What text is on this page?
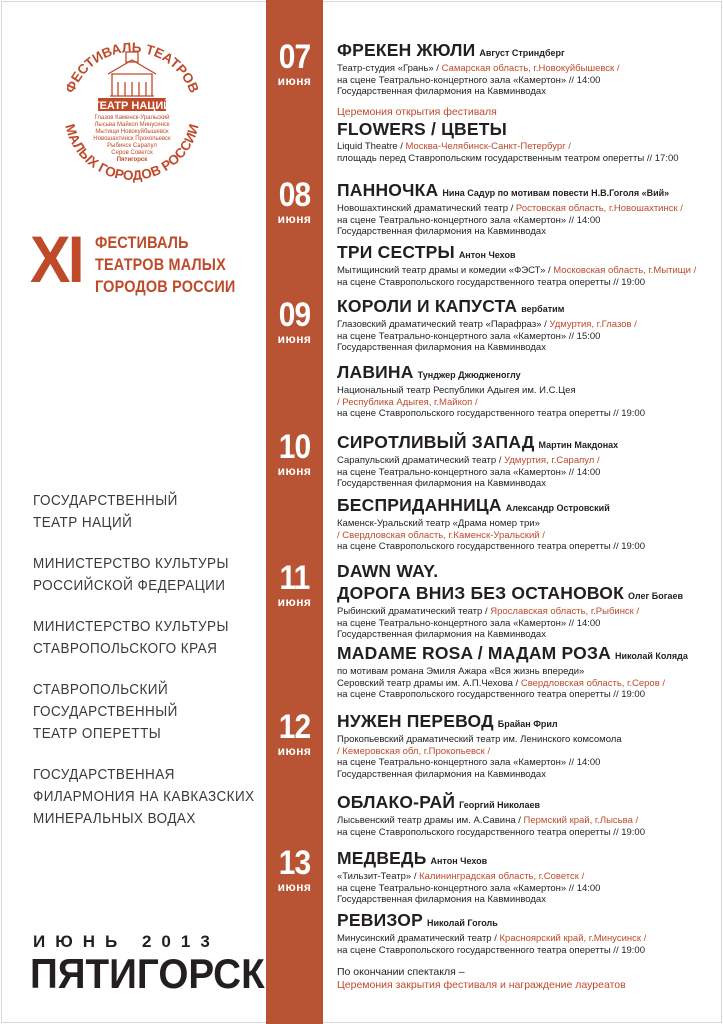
ФЕСТИВАЛЬ ТЕАТРОВ
МАЛЫХ ГОРОДОВ РОССИИ
ТЕАТР НАЦИЙ
Глазов Каменск-Уральский
Лысьва Майкоп Минусинск
Мытищи Новокуйбышевск
Новошахтинск Прокопьевск
Рыбинск Сарапул
Серов Советск
Пятигорск
XI ФЕСТИВАЛЬ
ТЕАТРОВ МАЛЫХ
ГОРОДОВ РОССИИ
ГОСУДАРСТВЕННЫЙ
ТЕАТР НАЦИЙ
МИНИСТЕРСТВО КУЛЬТУРЫ
РОССИЙСКОЙ ФЕДЕРАЦИИ
МИНИСТЕРСТВО КУЛЬТУРЫ
СТАВРОПОЛЬСКОГО КРАЯ
СТАВРОПОЛЬСКИЙ
ГОСУДАРСТВЕННЫЙ
ТЕАТР ОПЕРЕТТЫ
ГОСУДАРСТВЕННАЯ
ФИЛАРМОНИЯ НА КАВКАЗСКИХ
МИНЕРАЛЬНЫХ ВОДАХ
ИЮНЬ 2013
ПЯТИГОРСК
07
июня
08
июня
09
июня
10
июня
11
июня
12
июня
13
июня
ФРЕКЕН ЖЮЛИ Август Стриндберг
Театр-студия «Грань» / Самарская область, г.Новокуйбышевск /
на сцене Театрально-концертного зала «Камертон» // 14:00
Государственная филармония на Кавминводах
Церемония открытия фестиваля
FLOWERS / ЦВЕТЫ
Liquid Theatre / Москва-Челябинск-Санкт-Петербург /
площадь перед Ставропольским государственным театром оперетты // 17:00
ПАННОЧКА Нина Садур по мотивам повести Н.В.Гоголя «Вий»
Новошахтинский драматический театр / Ростовская область, г.Новошахтинск /
на сцене Театрально-концертного зала «Камертон» // 14:00
Государственная филармония на Кавминводах
ТРИ СЕСТРЫ Антон Чехов
Мытищинский театр драмы и комедии «ФЭСТ» / Московская область, г.Мытищи /
на сцене Ставропольского государственного театра оперетты // 19:00
КОРОЛИ И КАПУСТА вербатим
Глазовский драматический театр «Парафраз» / Удмуртия, г.Глазов /
на сцене Театрально-концертного зала «Камертон» // 15:00
Государственная филармония на Кавминводах
ЛАВИНА Тунджер Джюдженоглу
Национальный театр Республики Адыгея им. И.С.Цея
/ Республика Адыгея, г.Майкоп /
на сцене Ставропольского государственного театра оперетты // 19:00
СИРОТЛИВЫЙ ЗАПАД Мартин Макдонах
Сарапульский драматический театр / Удмуртия, г.Сарапул /
на сцене Театрально-концертного зала «Камертон» // 14:00
Государственная филармония на Кавминводах
БЕСПРИДАННИЦА Александр Островский
Каменск-Уральский театр «Драма номер три»
/ Свердловская область, г.Каменск-Уральский /
на сцене Ставропольского государственного театра оперетты // 19:00
DAWN WAY.
ДОРОГА ВНИЗ БЕЗ ОСТАНОВОК Олег Богаев
Рыбинский драматический театр / Ярославская область, г.Рыбинск /
на сцене Театрально-концертного зала «Камертон» // 14:00
Государственная филармония на Кавминводах
MADAME ROSA / МАДАМ РОЗА Николай Коляда
по мотивам романа Эмиля Ажара «Вся жизнь впереди»
Серовский театр драмы им. А.П.Чехова / Свердловская область, г.Серов /
на сцене Ставропольского государственного театра оперетты // 19:00
НУЖЕН ПЕРЕВОД Брайан Фрил
Прокопьевский драматический театр им. Ленинского комсомола
/ Кемеровская обл, г.Прокопьевск /
на сцене Театрально-концертного зала «Камертон» // 14:00
Государственная филармония на Кавминводах
ОБЛАКО-РАЙ Георгий Николаев
Лысьвенский театр драмы им. А.Савина / Пермский край, г.Лысьва /
на сцене Ставропольского государственного театра оперетты // 19:00
МЕДВЕДЬ Антон Чехов
«Тильзит-Театр» / Калининградская область, г.Советск /
на сцене Театрально-концертного зала «Камертон» // 14:00
Государственная филармония на Кавминводах
РЕВИЗОР Николай Гоголь
Минусинский драматический театр / Красноярский край, г.Минусинск /
на сцене Ставропольского государственного театра оперетты // 19:00
По окончании спектакля –
Церемония закрытия фестиваля и награждение лауреатов
